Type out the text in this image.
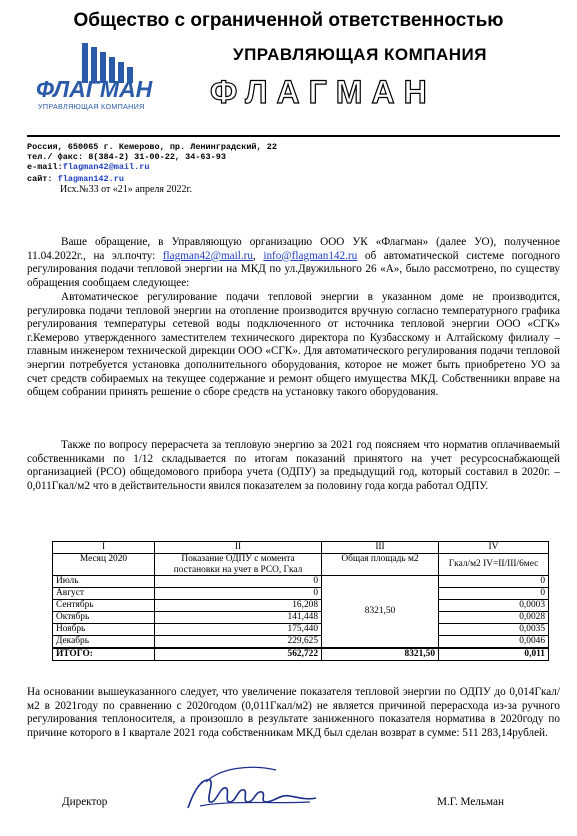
Общество с ограниченной ответственностью
ФЛАГМАН
УПРАВЛЯЮЩАЯ КОМПАНИЯ
УПРАВЛЯЮЩАЯ КОМПАНИЯ
ФЛАГМАН
Россия, 650065 г. Кемерово, пр. Ленинградский, 22
тел./ факс: 8(384-2) 31-00-22, 34-63-93
e-mail:flagman42@mail.ru
сайт: flagman142.ru
Исх.№33 от «21» апреля 2022г.
Ваше обращение, в Управляющую организацию ООО УК «Флагман» (далее УО), полученное 11.04.2022г., на эл.почту: flagman42@mail.ru, info@flagman142.ru об автоматической системе погодного регулирования подачи тепловой энергии на МКД по ул.Двужильного 26 «А», было рассмотрено, по существу обращения сообщаем следующее:
Автоматическое регулирование подачи тепловой энергии в указанном доме не производится, регулировка подачи тепловой энергии на отопление производится вручную согласно температурного графика регулирования температуры сетевой воды подключенного от источника тепловой энергии ООО «СГК» г.Кемерово утвержденного заместителем технического директора по Кузбасскому и Алтайскому филиалу – главным инженером технической дирекции ООО «СГК». Для автоматического регулирования подачи тепловой энергии потребуется установка дополнительного оборудования, которое не может быть приобретено УО за счет средств собираемых на текущее содержание и ремонт общего имущества МКД. Собственники вправе на общем собрании принять решение о сборе средств на установку такого оборудования.
Также по вопросу перерасчета за тепловую энергию за 2021 год поясняем что норматив оплачиваемый собственниками по 1/12 складывается по итогам показаний принятого на учет ресурсоснабжающей организацией (РСО) общедомового прибора учета (ОДПУ) за предыдущий год, который составил в 2020г. – 0,011Гкал/м2 что в действительности явился показателем за половину года когда работал ОДПУ.
I	II	III	IV
Месяц 2020	Показание ОДПУ с момента постановки на учет в РСО, Гкал	Общая площадь м2	Гкал/м2 IV=II/III/6мес
Июль	0	8321,50	0
Август	0		0
Сентябрь	16,208		0,0003
Октябрь	141,448		0,0028
Ноябрь	175,440		0,0035
Декабрь	229,625		0,0046
ИТОГО:	562,722	8321,50	0,011
На основании вышеуказанного следует, что увеличение показателя тепловой энергии по ОДПУ до 0,014Гкал/м2 в 2021году по сравнению с 2020годом (0,011Гкал/м2) не является причиной перерасхода из-за ручного регулирования теплоносителя, а произошло в результате заниженного показателя норматива в 2020году по причине которого в I квартале 2021 года собственникам МКД был сделан возврат в сумме: 511 283,14рублей.
Директор	М.Г. Мельман
